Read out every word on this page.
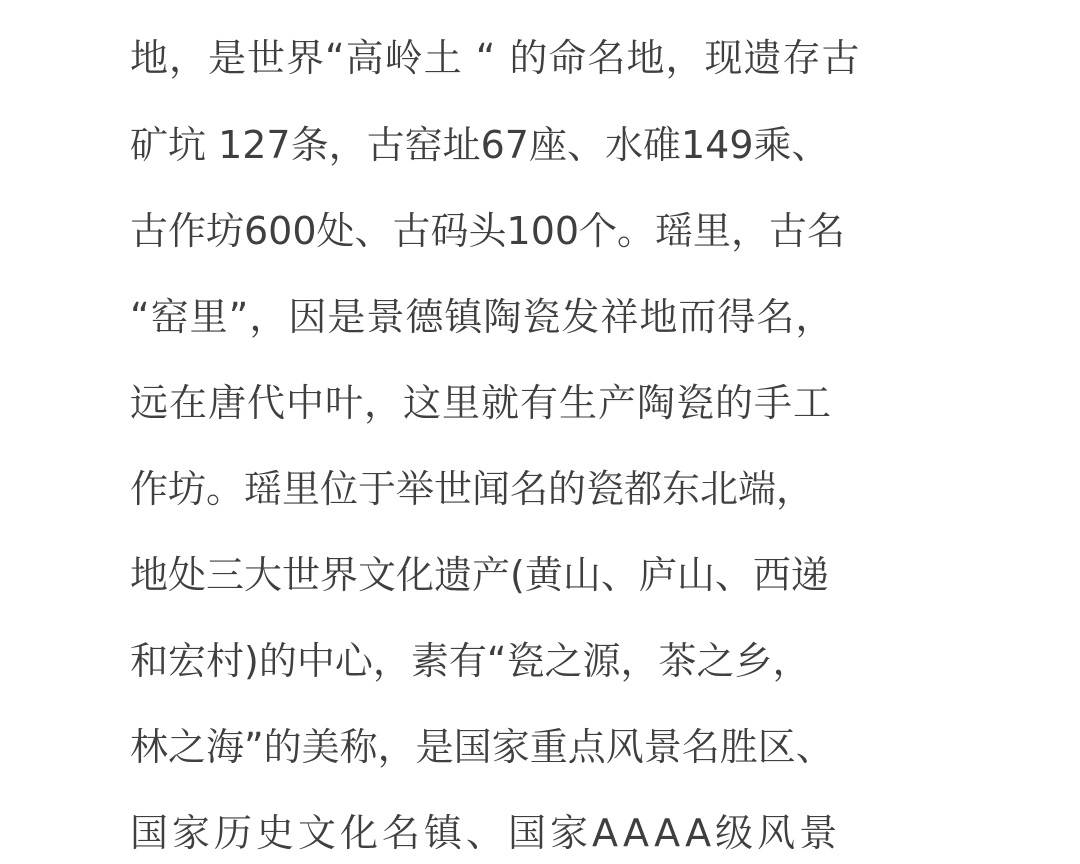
地，是世界“高岭土 “ 的命名地，现遗存古
矿坑 127条，古窑址67座、水碓149乘、
古作坊600处、古码头100个。瑶里，古名
“窑里”，因是景德镇陶瓷发祥地而得名，
远在唐代中叶，这里就有生产陶瓷的手工
作坊。瑶里位于举世闻名的瓷都东北端，
地处三大世界文化遗产(黄山、庐山、西递
和宏村)的中心，素有“瓷之源，茶之乡，
林之海”的美称，是国家重点风景名胜区、
国家历史文化名镇、国家AAAA级风景
